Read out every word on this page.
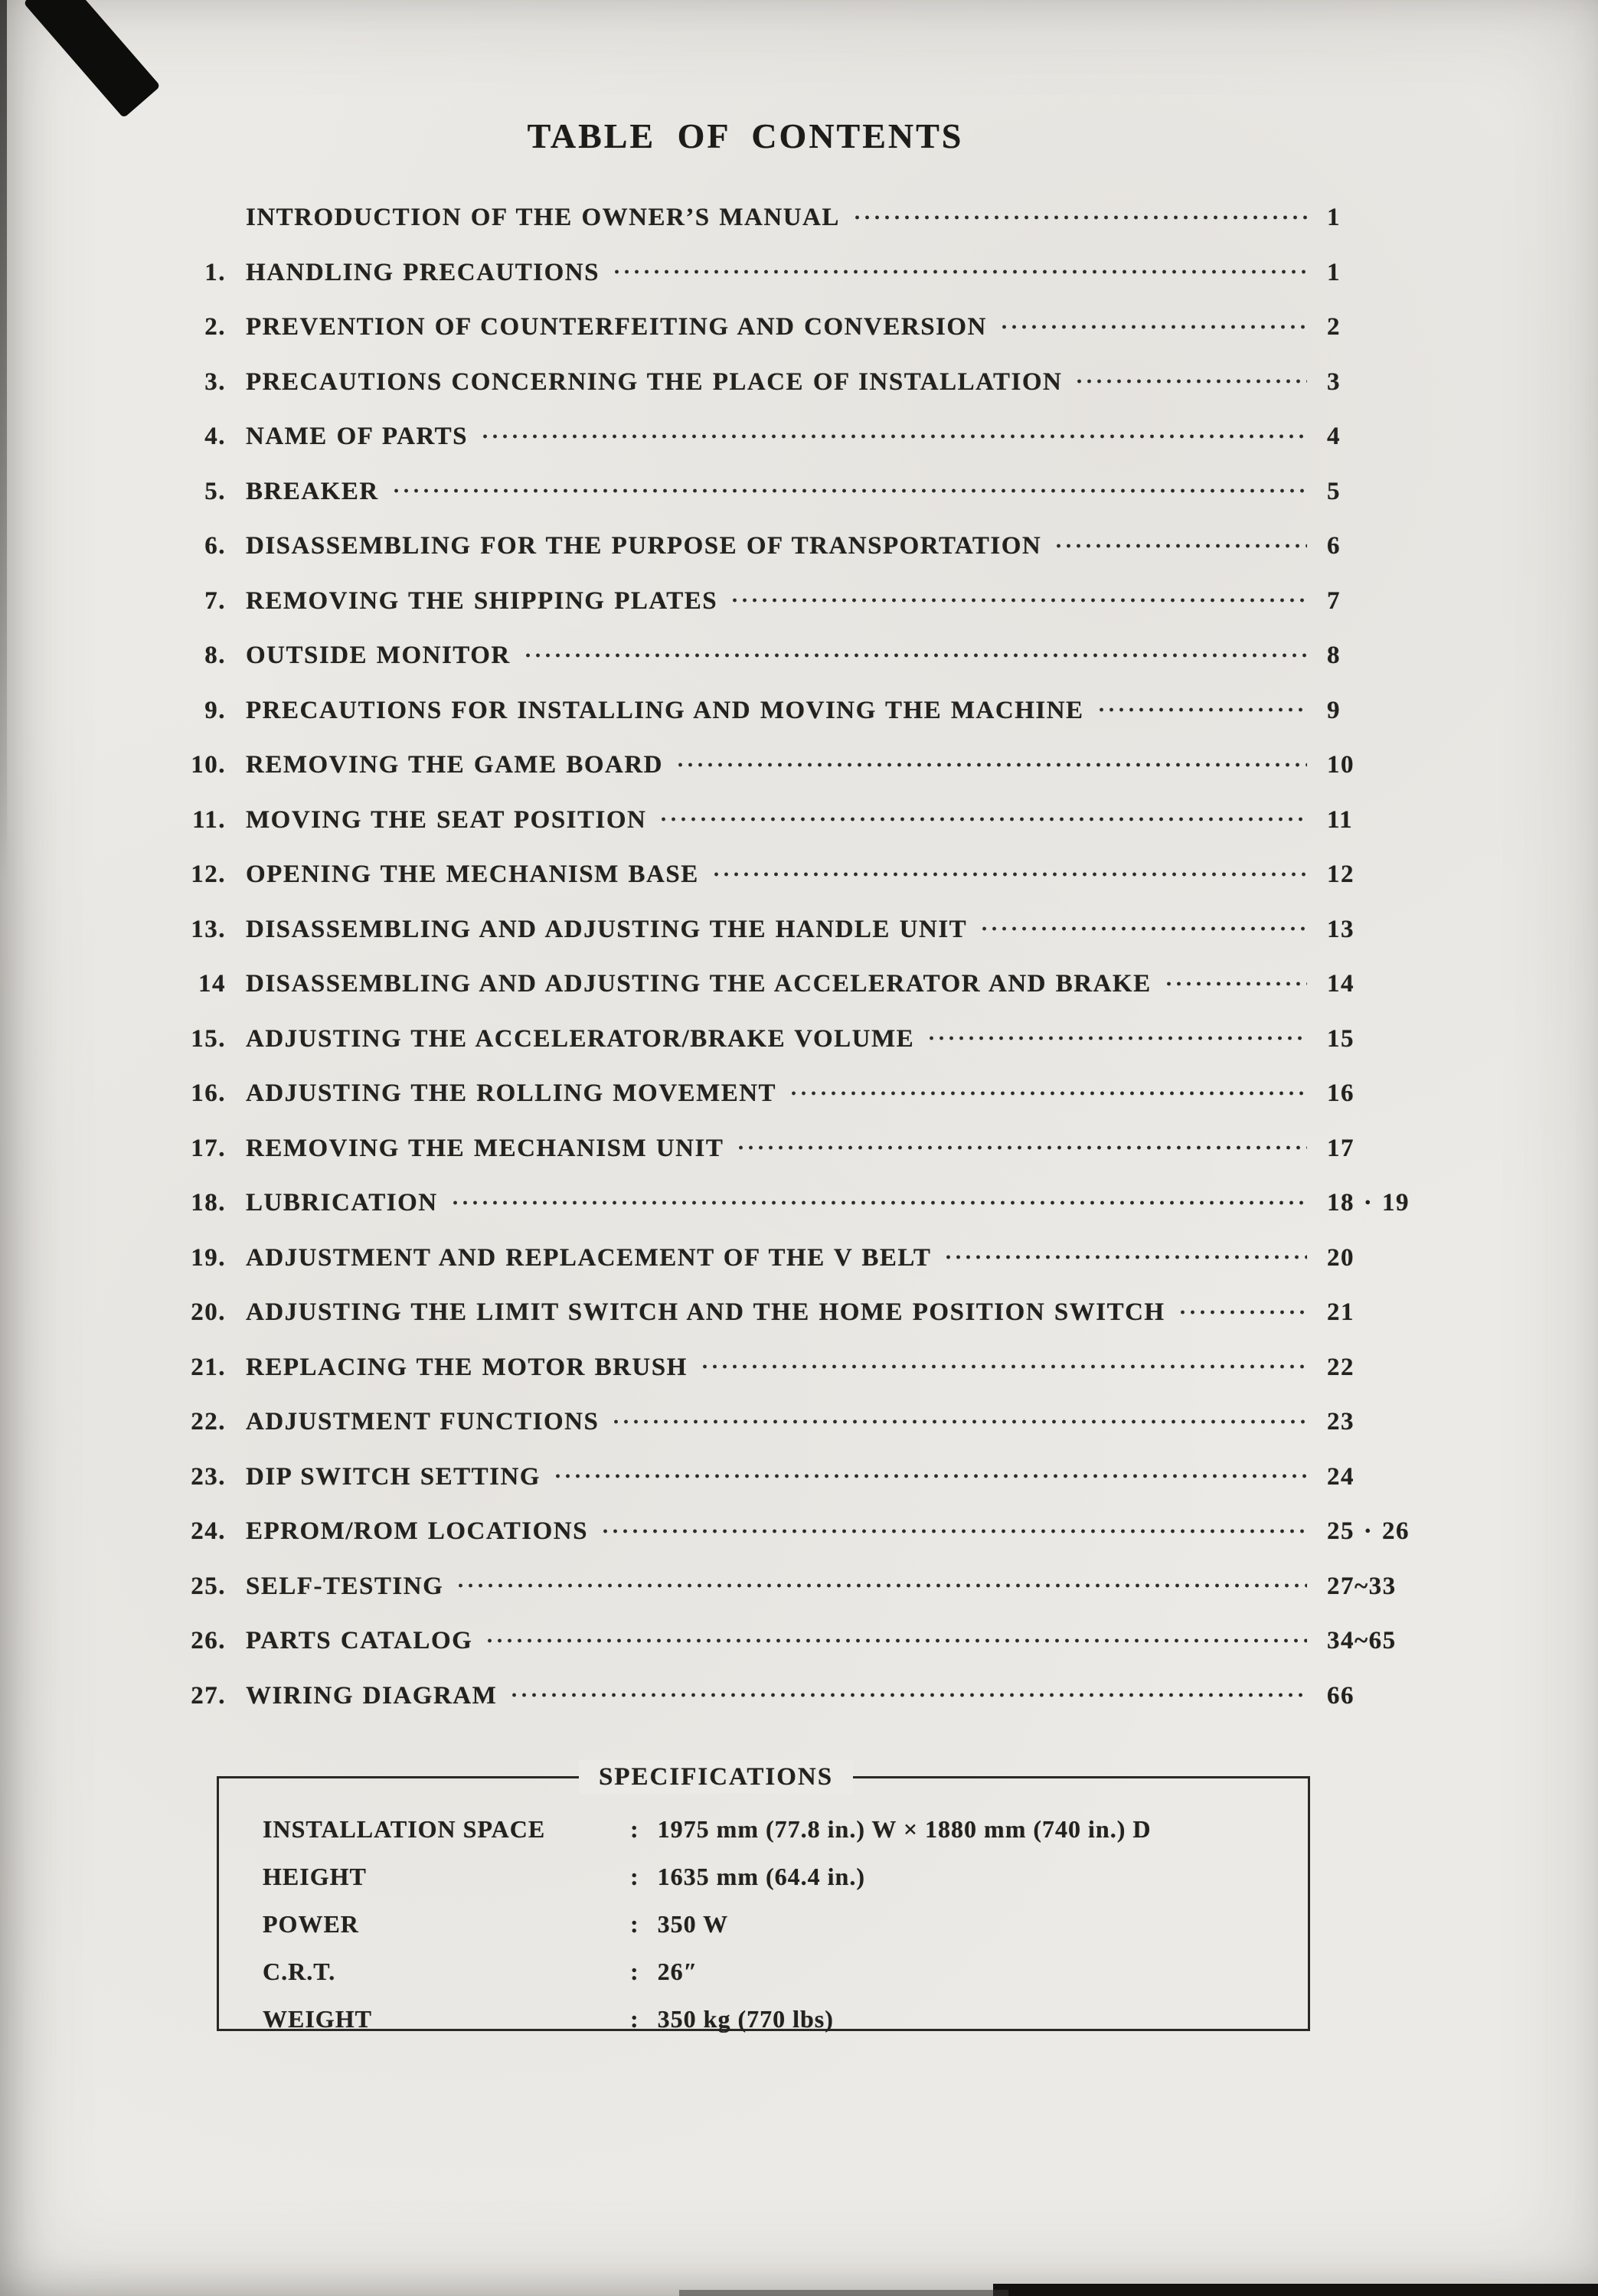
TABLE OF CONTENTS
INTRODUCTION OF THE OWNER’S MANUAL	1
1. HANDLING PRECAUTIONS	1
2. PREVENTION OF COUNTERFEITING AND CONVERSION	2
3. PRECAUTIONS CONCERNING THE PLACE OF INSTALLATION	3
4. NAME OF PARTS	4
5. BREAKER	5
6. DISASSEMBLING FOR THE PURPOSE OF TRANSPORTATION	6
7. REMOVING THE SHIPPING PLATES	7
8. OUTSIDE MONITOR	8
9. PRECAUTIONS FOR INSTALLING AND MOVING THE MACHINE	9
10. REMOVING THE GAME BOARD	10
11. MOVING THE SEAT POSITION	11
12. OPENING THE MECHANISM BASE	12
13. DISASSEMBLING AND ADJUSTING THE HANDLE UNIT	13
14 DISASSEMBLING AND ADJUSTING THE ACCELERATOR AND BRAKE	14
15. ADJUSTING THE ACCELERATOR/BRAKE VOLUME	15
16. ADJUSTING THE ROLLING MOVEMENT	16
17. REMOVING THE MECHANISM UNIT	17
18. LUBRICATION	18 · 19
19. ADJUSTMENT AND REPLACEMENT OF THE V BELT	20
20. ADJUSTING THE LIMIT SWITCH AND THE HOME POSITION SWITCH	21
21. REPLACING THE MOTOR BRUSH	22
22. ADJUSTMENT FUNCTIONS	23
23. DIP SWITCH SETTING	24
24. EPROM/ROM LOCATIONS	25 · 26
25. SELF-TESTING	27~33
26. PARTS CATALOG	34~65
27. WIRING DIAGRAM	66
SPECIFICATIONS
INSTALLATION SPACE	: 1975 mm (77.8 in.) W × 1880 mm (740 in.) D
HEIGHT	: 1635 mm (64.4 in.)
POWER	: 350 W
C.R.T.	: 26″
WEIGHT	: 350 kg (770 lbs)
